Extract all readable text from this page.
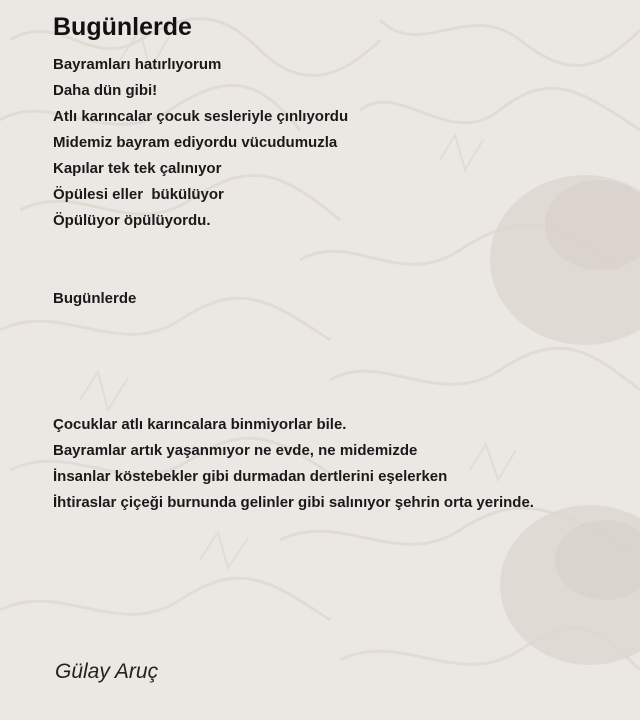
Bugünlerde
Bayramları hatırlıyorum
Daha dün gibi!
Atlı karıncalar çocuk sesleriyle çınlıyordu
Midemiz bayram ediyordu vücudumuzla
Kapılar tek tek çalınıyor
Öpülesi eller  bükülüyor
Öpülüyor öpülüyordu.
Bugünlerde
Çocuklar atlı karıncalara binmiyorlar bile.
Bayramlar artık yaşanmıyor ne evde, ne midemizde
İnsanlar köstebekler gibi durmadan dertlerini eşelerken
İhtiraslar çiçeği burnunda gelinler gibi salınıyor şehrin orta yerinde.
Gülay Aruç
